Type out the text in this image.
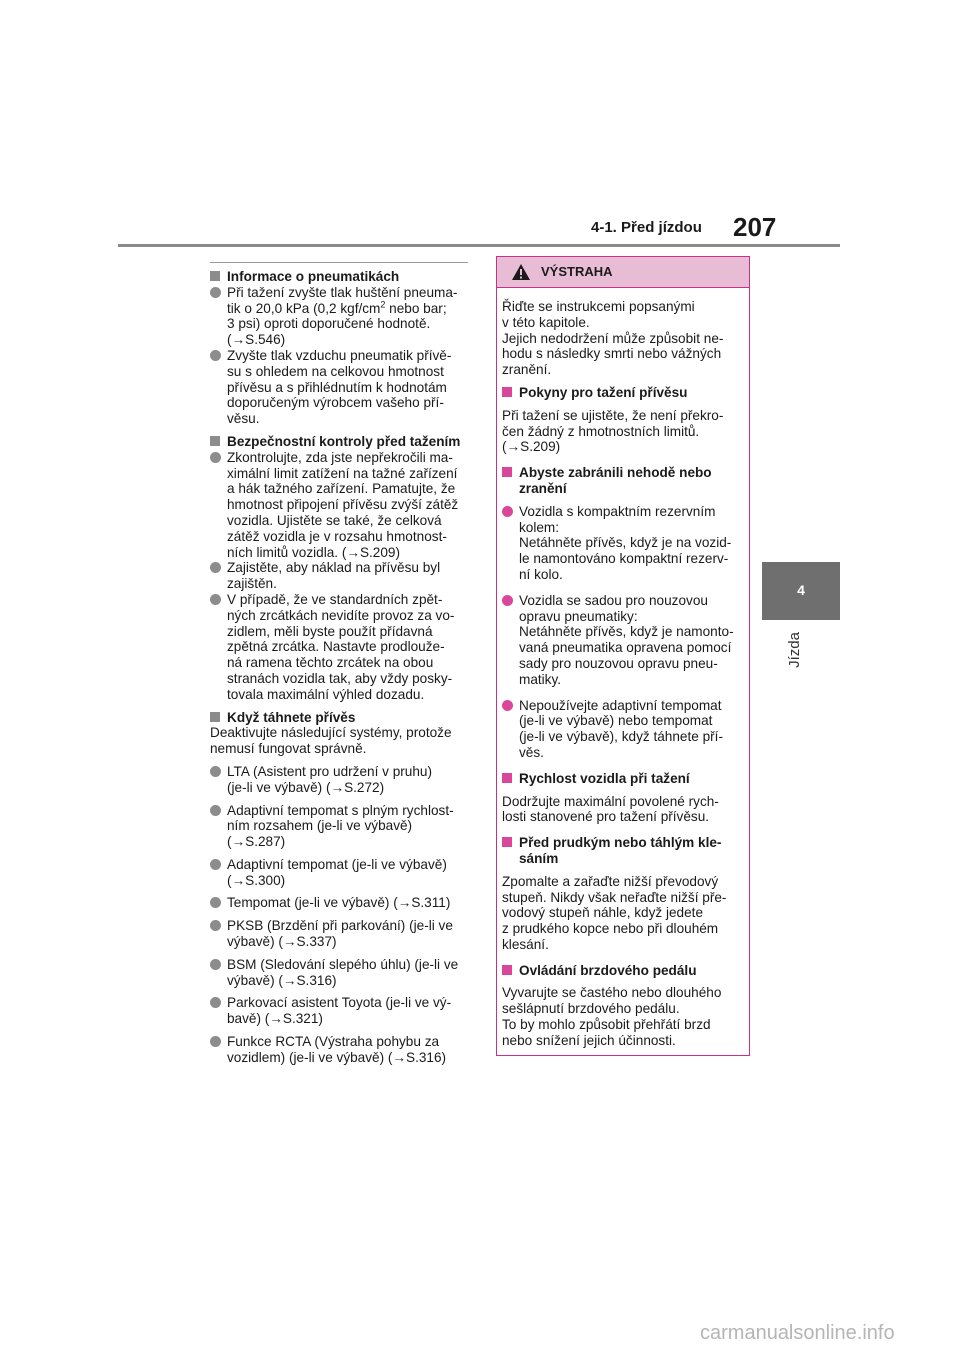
4-1. Před jízdou 207
4
Jízda
Informace o pneumatikách
Při tažení zvyšte tlak huštění pneuma-
tik o 20,0 kPa (0,2 kgf/$cm^2$ nebo bar;
3 psi) oproti doporučené hodnotě.
(→S.546)
Zvyšte tlak vzduchu pneumatik přívě-
su s ohledem na celkovou hmotnost
přívěsu a s přihlédnutím k hodnotám
doporučeným výrobcem vašeho pří-
věsu.
Bezpečnostní kontroly před tažením
Zkontrolujte, zda jste nepřekročili ma-
ximální limit zatížení na tažné zařízení
a hák tažného zařízení. Pamatujte, že
hmotnost připojení přívěsu zvýší zátěž
vozidla. Ujistěte se také, že celková
zátěž vozidla je v rozsahu hmotnost-
ních limitů vozidla. (→S.209)
Zajistěte, aby náklad na přívěsu byl
zajištěn.
V případě, že ve standardních zpět-
ných zrcátkách nevidíte provoz za vo-
zidlem, měli byste použít přídavná
zpětná zrcátka. Nastavte prodlouže-
ná ramena těchto zrcátek na obou
stranách vozidla tak, aby vždy posky-
tovala maximální výhled dozadu.
Když táhnete přívěs
Deaktivujte následující systémy, protože
nemusí fungovat správně.
LTA (Asistent pro udržení v pruhu)
(je-li ve výbavě) (→S.272)
Adaptivní tempomat s plným rychlost-
ním rozsahem (je-li ve výbavě)
(→S.287)
Adaptivní tempomat (je-li ve výbavě)
(→S.300)
Tempomat (je-li ve výbavě) (→S.311)
PKSB (Brzdění při parkování) (je-li ve
výbavě) (→S.337)
BSM (Sledování slepého úhlu) (je-li ve
výbavě) (→S.316)
Parkovací asistent Toyota (je-li ve vý-
bavě) (→S.321)
Funkce RCTA (Výstraha pohybu za
vozidlem) (je-li ve výbavě) (→S.316)
VÝSTRAHA
Řiďte se instrukcemi popsanými
v této kapitole.
Jejich nedodržení může způsobit ne-
hodu s následky smrti nebo vážných
zranění.
Pokyny pro tažení přívěsu
Při tažení se ujistěte, že není překro-
čen žádný z hmotnostních limitů.
(→S.209)
Abyste zabránili nehodě nebo
zranění
Vozidla s kompaktním rezervním
kolem:
Netáhněte přívěs, když je na vozid-
le namontováno kompaktní rezerv-
ní kolo.
Vozidla se sadou pro nouzovou
opravu pneumatiky:
Netáhněte přívěs, když je namonto-
vaná pneumatika opravena pomocí
sady pro nouzovou opravu pneu-
matiky.
Nepoužívejte adaptivní tempomat
(je-li ve výbavě) nebo tempomat
(je-li ve výbavě), když táhnete pří-
věs.
Rychlost vozidla při tažení
Dodržujte maximální povolené rych-
losti stanovené pro tažení přívěsu.
Před prudkým nebo táhlým kle-
sáním
Zpomalte a zařaďte nižší převodový
stupeň. Nikdy však neřaďte nižší pře-
vodový stupeň náhle, když jedete
z prudkého kopce nebo při dlouhém
klesání.
Ovládání brzdového pedálu
Vyvarujte se častého nebo dlouhého
sešlápnutí brzdového pedálu.
To by mohlo způsobit přehřátí brzd
nebo snížení jejich účinnosti.
carmanualsonline.info
